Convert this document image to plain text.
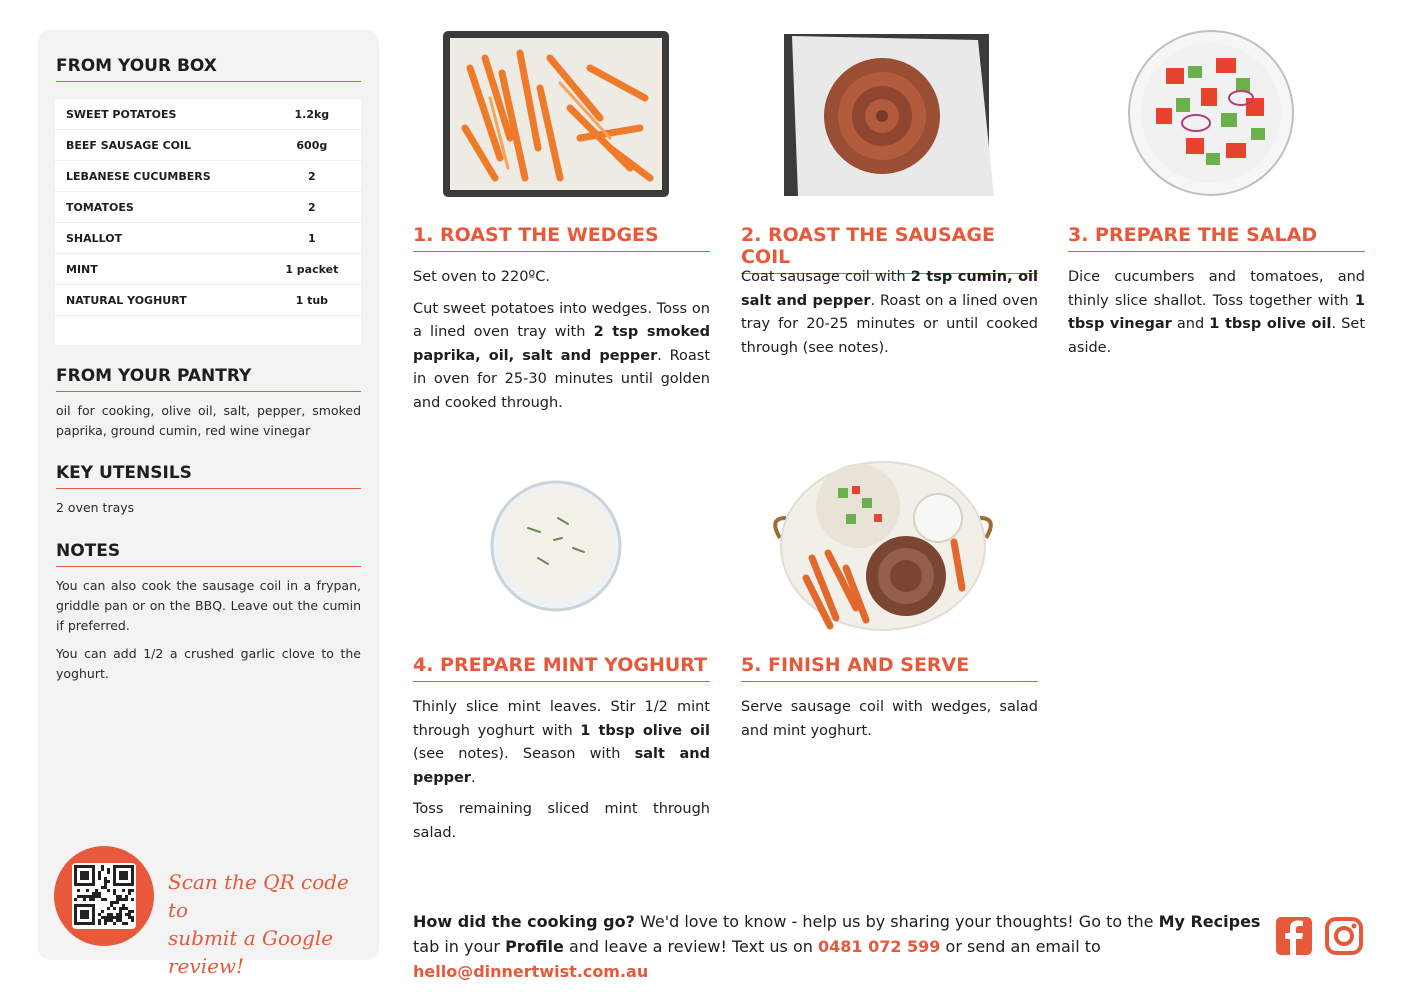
FROM YOUR BOX
SWEET POTATOES	1.2kg
BEEF SAUSAGE COIL	600g
LEBANESE CUCUMBERS	2
TOMATOES	2
SHALLOT	1
MINT	1 packet
NATURAL YOGHURT	1 tub
FROM YOUR PANTRY
oil for cooking, olive oil, salt, pepper, smoked paprika, ground cumin, red wine vinegar
KEY UTENSILS
2 oven trays
NOTES

You can also cook the sausage coil in a frypan, griddle pan or on the BBQ. Leave out the cumin if preferred.

You can add 1/2 a crushed garlic clove to the yoghurt.

Scan the QR code to
submit a Google review!
1. ROAST THE WEDGES

Set oven to 220ºC.

Cut sweet potatoes into wedges. Toss on a lined oven tray with 2 tsp smoked paprika, oil, salt and pepper. Roast in oven for 25-30 minutes until golden and cooked through.

2. ROAST THE SAUSAGE COIL

Coat sausage coil with 2 tsp cumin, oil salt and pepper. Roast on a lined oven tray for 20-25 minutes or until cooked through (see notes).

3. PREPARE THE SALAD

Dice cucumbers and tomatoes, and thinly slice shallot. Toss together with 1 tbsp vinegar and 1 tbsp olive oil. Set aside.

4. PREPARE MINT YOGHURT

Thinly slice mint leaves. Stir 1/2 mint through yoghurt with 1 tbsp olive oil (see notes). Season with salt and pepper.

Toss remaining sliced mint through salad.

5. FINISH AND SERVE

Serve sausage coil with wedges, salad and mint yoghurt.

How did the cooking go? We'd love to know - help us by sharing your thoughts! Go to the My Recipes tab in your Profile and leave a review! Text us on 0481 072 599 or send an email to hello@dinnertwist.com.au
